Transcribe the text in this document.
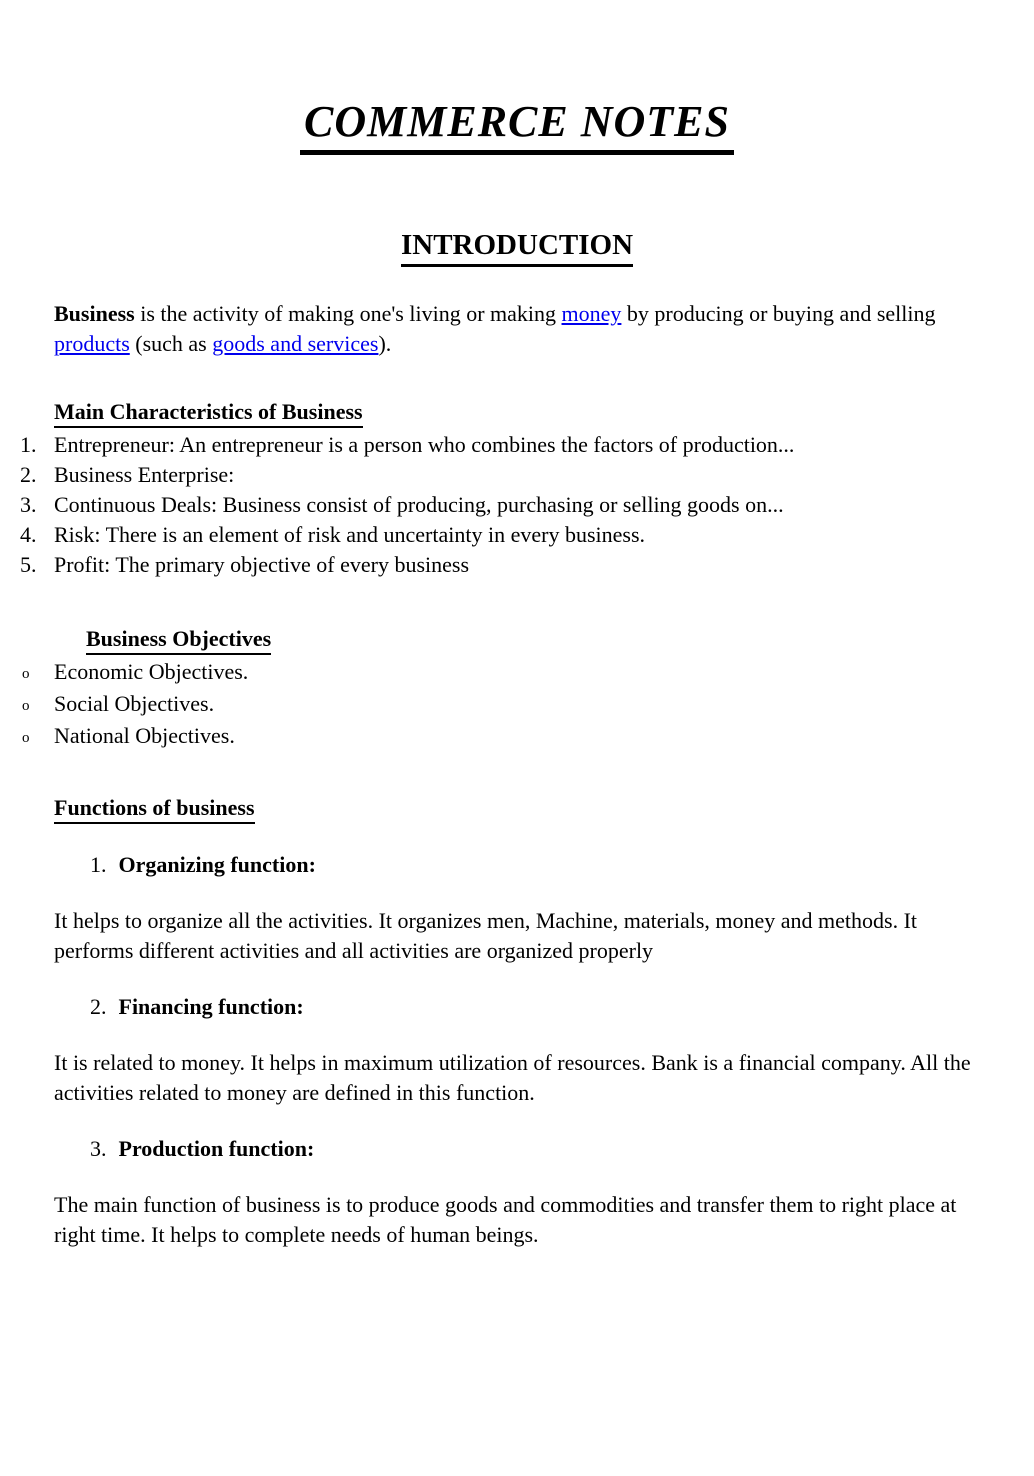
COMMERCE NOTES
INTRODUCTION

Business is the activity of making one's living or making money by producing or buying and selling products (such as goods and services).

Main Characteristics of Business
1. Entrepreneur: An entrepreneur is a person who combines the factors of production...
2. Business Enterprise:
3. Continuous Deals: Business consist of producing, purchasing or selling goods on...
4. Risk: There is an element of risk and uncertainty in every business.
5. Profit: The primary objective of every business
Business Objectives
o Economic Objectives.
o Social Objectives.
o National Objectives.
Functions of business
1. Organizing function:

It helps to organize all the activities. It organizes men, Machine, materials, money and methods. It performs different activities and all activities are organized properly

2. Financing function:

It is related to money. It helps in maximum utilization of resources. Bank is a financial company. All the activities related to money are defined in this function.

3. Production function:

The main function of business is to produce goods and commodities and transfer them to right place at right time. It helps to complete needs of human beings.
